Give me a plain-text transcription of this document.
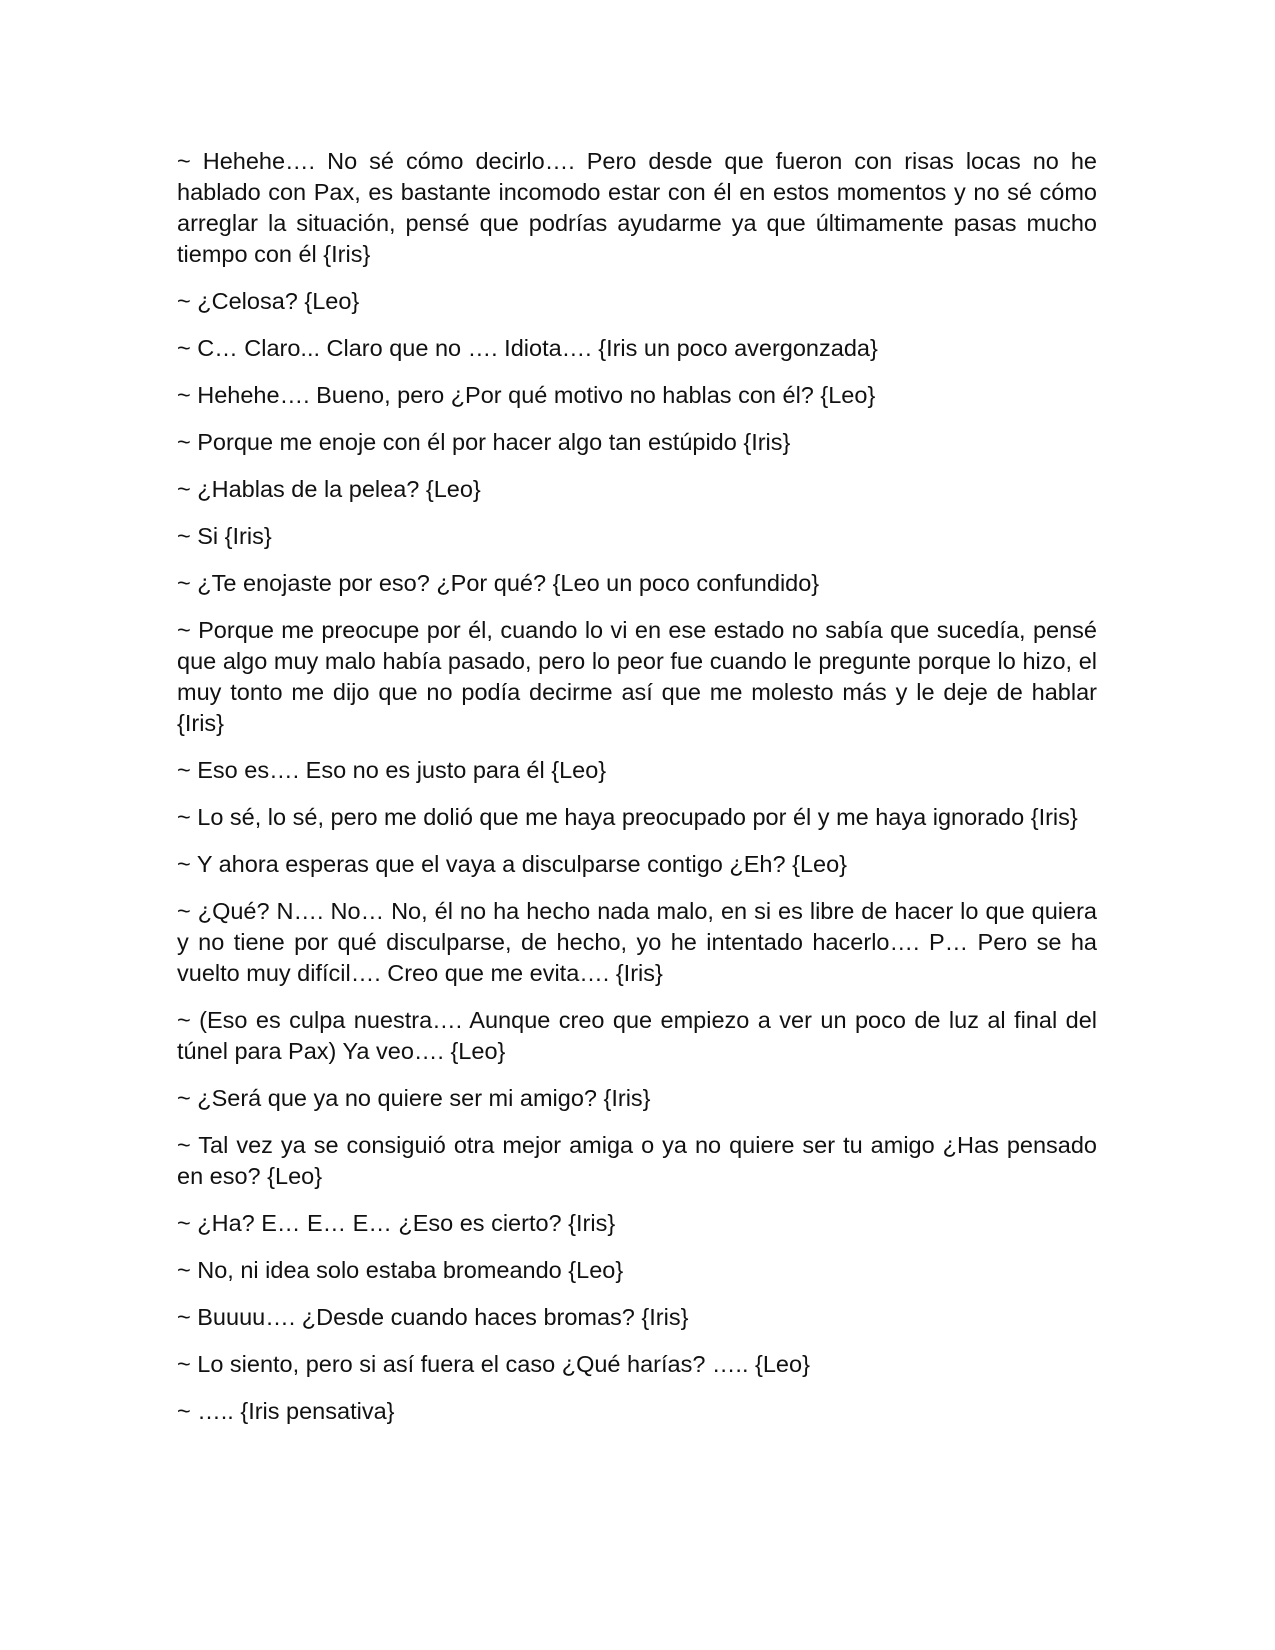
~ Hehehe…. No sé cómo decirlo…. Pero desde que fueron con risas locas no he hablado con Pax, es bastante incomodo estar con él en estos momentos y no sé cómo arreglar la situación, pensé que podrías ayudarme ya que últimamente pasas mucho tiempo con él {Iris}

~ ¿Celosa? {Leo}

~ C… Claro... Claro que no …. Idiota…. {Iris un poco avergonzada}

~ Hehehe…. Bueno, pero ¿Por qué motivo no hablas con él? {Leo}

~ Porque me enoje con él por hacer algo tan estúpido {Iris}

~ ¿Hablas de la pelea? {Leo}

~ Si {Iris}

~ ¿Te enojaste por eso? ¿Por qué? {Leo un poco confundido}

~ Porque me preocupe por él, cuando lo vi en ese estado no sabía que sucedía, pensé que algo muy malo había pasado, pero lo peor fue cuando le pregunte porque lo hizo, el muy tonto me dijo que no podía decirme así que me molesto más y le deje de hablar {Iris}

~ Eso es…. Eso no es justo para él {Leo}

~ Lo sé, lo sé, pero me dolió que me haya preocupado por él y me haya ignorado {Iris}

~ Y ahora esperas que el vaya a disculparse contigo ¿Eh? {Leo}

~ ¿Qué? N…. No… No, él no ha hecho nada malo, en si es libre de hacer lo que quiera y no tiene por qué disculparse, de hecho, yo he intentado hacerlo…. P… Pero se ha vuelto muy difícil…. Creo que me evita…. {Iris}

~ (Eso es culpa nuestra…. Aunque creo que empiezo a ver un poco de luz al final del túnel para Pax) Ya veo…. {Leo}

~ ¿Será que ya no quiere ser mi amigo? {Iris}

~ Tal vez ya se consiguió otra mejor amiga o ya no quiere ser tu amigo ¿Has pensado en eso? {Leo}

~ ¿Ha? E… E… E… ¿Eso es cierto? {Iris}

~ No, ni idea solo estaba bromeando {Leo}

~ Buuuu…. ¿Desde cuando haces bromas? {Iris}

~ Lo siento, pero si así fuera el caso ¿Qué harías? ….. {Leo}

~ ….. {Iris pensativa}
